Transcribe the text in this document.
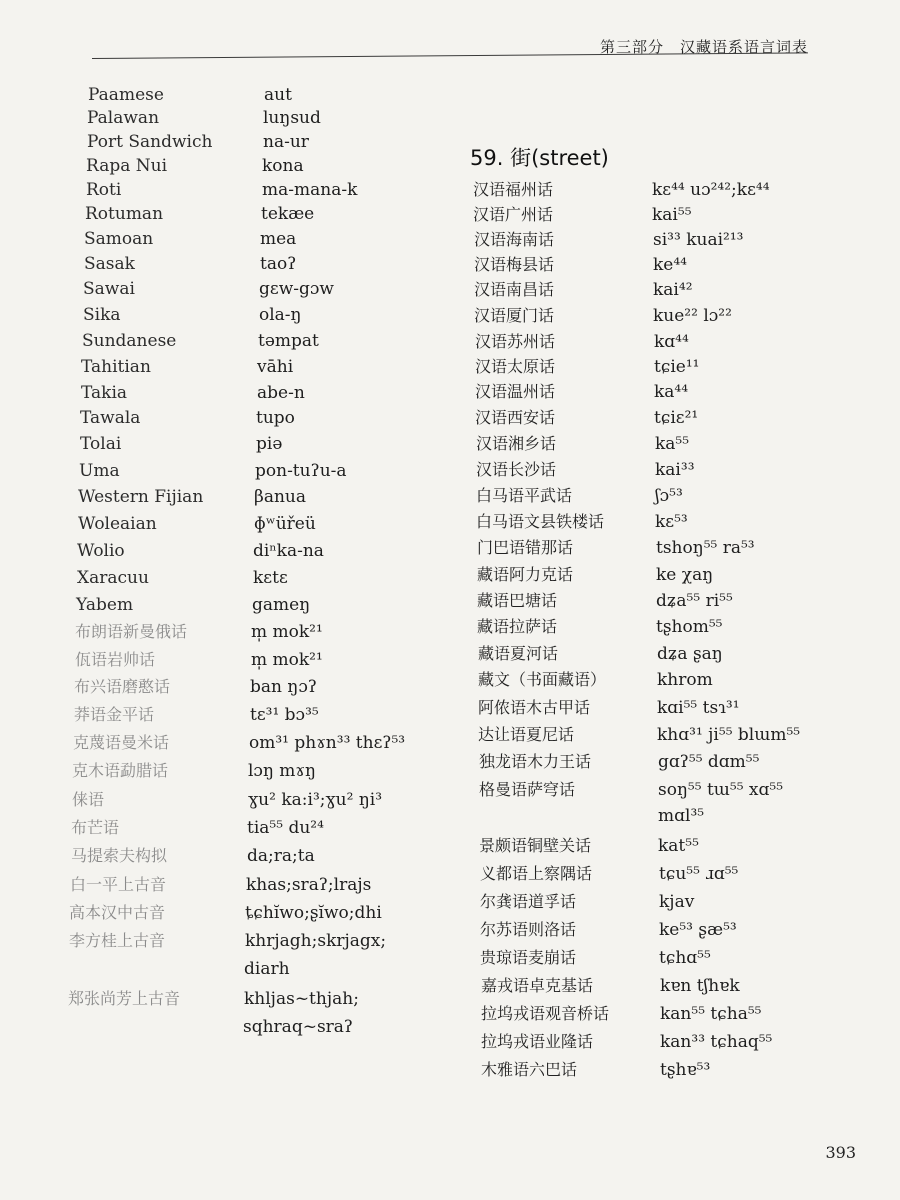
第三部分　汉藏语系语言词表
59. 街(street)
Paamese	aut
Palawan	luŋsud
Port Sandwich	na-ur
Rapa Nui	kona
Roti	ma-mana-k
Rotuman	tekæe
Samoan	mea
Sasak	taoʔ
Sawai	gɛw-gɔw
Sika	ola-ŋ
Sundanese	təmpat
Tahitian	vāhi
Takia	abe-n
Tawala	tupo
Tolai	piə
Uma	pon-tuʔu-a
Western Fijian	βanua
Woleaian	ɸʷüřeü
Wolio	diⁿka-na
Xaracuu	kɛtɛ
Yabem	gameŋ
布朗语新曼俄话	m̩ mok²¹
佤语岩帅话	m̩ mok²¹
布兴语磨憨话	ban ŋɔʔ
莽语金平话	tɛ³¹ bɔ³⁵
克蔑语曼米话	om³¹ phɤn³³ thɛʔ⁵³
克木语勐腊话	lɔŋ mɤŋ
俫语	ɣu² ka:i³;ɣu² ŋi³
布芒语	tia⁵⁵ du²⁴
马提索夫构拟	da;ra;ta
白一平上古音	khas;sraʔ;lrajs
高本汉中古音	ȶɕhĭwo;ʂĭwo;dhi
李方桂上古音	khrjagh;skrjagx;
diarh
郑张尚芳上古音	khljas~thjah;
sqhraq~sraʔ
汉语福州话	kɛ⁴⁴ uɔ²⁴²;kɛ⁴⁴
汉语广州话	kai⁵⁵
汉语海南话	si³³ kuai²¹³
汉语梅县话	ke⁴⁴
汉语南昌话	kai⁴²
汉语厦门话	kue²² lɔ²²
汉语苏州话	kɑ⁴⁴
汉语太原话	tɕie¹¹
汉语温州话	ka⁴⁴
汉语西安话	tɕiɛ²¹
汉语湘乡话	ka⁵⁵
汉语长沙话	kai³³
白马语平武话	ʃɔ⁵³
白马语文县铁楼话	kɛ⁵³
门巴语错那话	tshoŋ⁵⁵ ra⁵³
藏语阿力克话	ke χaŋ
藏语巴塘话	dʑa⁵⁵ ri⁵⁵
藏语拉萨话	tʂhom⁵⁵
藏语夏河话	dʑa ʂaŋ
藏文（书面藏语）	khrom
阿侬语木古甲话	kɑi⁵⁵ tsɿ³¹
达让语夏尼话	khɑ³¹ ji⁵⁵ blɯm⁵⁵
独龙语木力王话	gɑʔ⁵⁵ dɑm⁵⁵
格曼语萨穹话	soŋ⁵⁵ tɯ⁵⁵ xɑ⁵⁵
mɑl³⁵
景颇语铜壁关话	kat⁵⁵
义都语上察隅话	tɕu⁵⁵ ɹɑ⁵⁵
尔龚语道孚话	kjav
尔苏语则洛话	ke⁵³ ʂæ⁵³
贵琼语麦崩话	tɕhɑ⁵⁵
嘉戎语卓克基话	kɐn tʃhɐk
拉坞戎语观音桥话	kan⁵⁵ tɕha⁵⁵
拉坞戎语业隆话	kan³³ tɕhaq⁵⁵
木雅语六巴话	tʂhɐ⁵³
393
